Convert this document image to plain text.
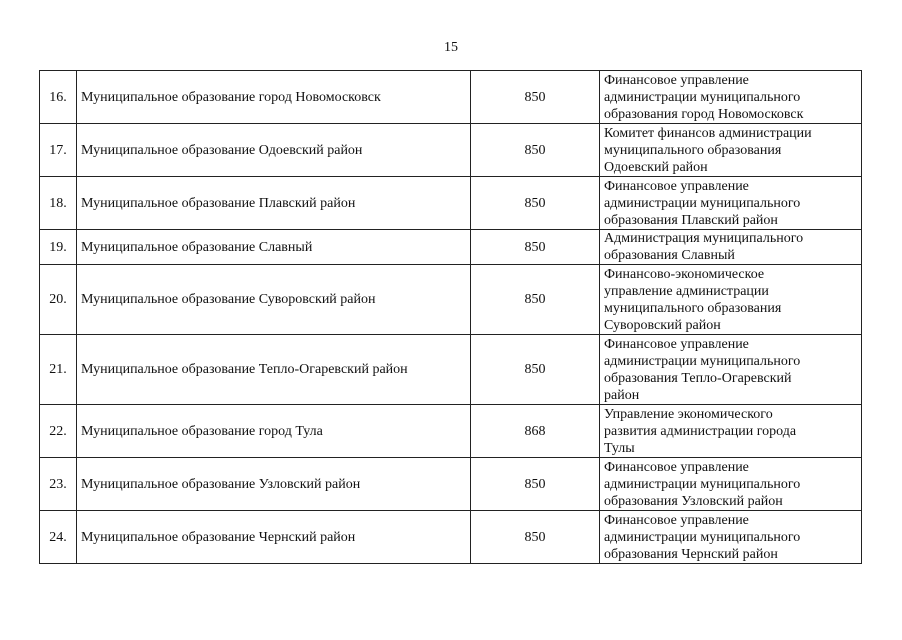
15
16.	Муниципальное образование город Новомосковск	850	Финансовое управление
администрации муниципального
образования город Новомосковск

17.	Муниципальное образование Одоевский район	850	Комитет финансов администрации
муниципального образования
Одоевский район

18.	Муниципальное образование Плавский район	850	Финансовое управление
администрации муниципального
образования Плавский район

19.	Муниципальное образование Славный	850	Администрация муниципального
образования Славный

20.	Муниципальное образование Суворовский район	850	Финансово-экономическое
управление администрации
муниципального образования
Суворовский район

21.	Муниципальное образование Тепло-Огаревский район	850	Финансовое управление
администрации муниципального
образования Тепло-Огаревский
район

22.	Муниципальное образование город Тула	868	Управление экономического
развития администрации города
Тулы

23.	Муниципальное образование Узловский район	850	Финансовое управление
администрации муниципального
образования Узловский район

24.	Муниципальное образование Чернский район	850	Финансовое управление
администрации муниципального
образования Чернский район
